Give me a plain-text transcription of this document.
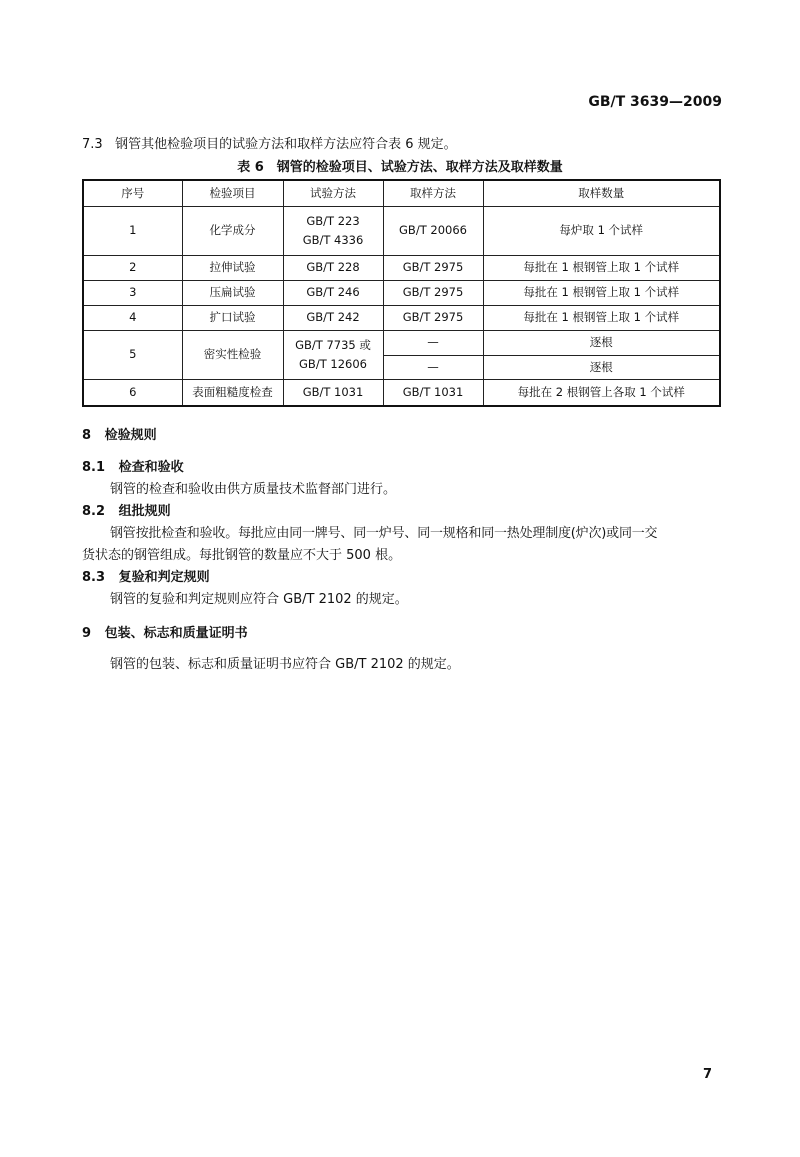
GB/T 3639—2009
7.3 钢管其他检验项目的试验方法和取样方法应符合表 6 规定。
表 6　钢管的检验项目、试验方法、取样方法及取样数量
序号	检验项目	试验方法	取样方法	取样数量
1	化学成分	GB/T 223
GB/T 4336	GB/T 20066	每炉取 1 个试样
2	拉伸试验	GB/T 228	GB/T 2975	每批在 1 根钢管上取 1 个试样
3	压扁试验	GB/T 246	GB/T 2975	每批在 1 根钢管上取 1 个试样
4	扩口试验	GB/T 242	GB/T 2975	每批在 1 根钢管上取 1 个试样
5	密实性检验	GB/T 7735 或
GB/T 12606	—	逐根
			—	逐根
6	表面粗糙度检查	GB/T 1031	GB/T 1031	每批在 2 根钢管上各取 1 个试样
8 检验规则
8.1 检查和验收
钢管的检查和验收由供方质量技术监督部门进行。
8.2 组批规则
钢管按批检查和验收。每批应由同一牌号、同一炉号、同一规格和同一热处理制度(炉次)或同一交
货状态的钢管组成。每批钢管的数量应不大于 500 根。
8.3 复验和判定规则
钢管的复验和判定规则应符合 GB/T 2102 的规定。
9 包装、标志和质量证明书
钢管的包装、标志和质量证明书应符合 GB/T 2102 的规定。
7
